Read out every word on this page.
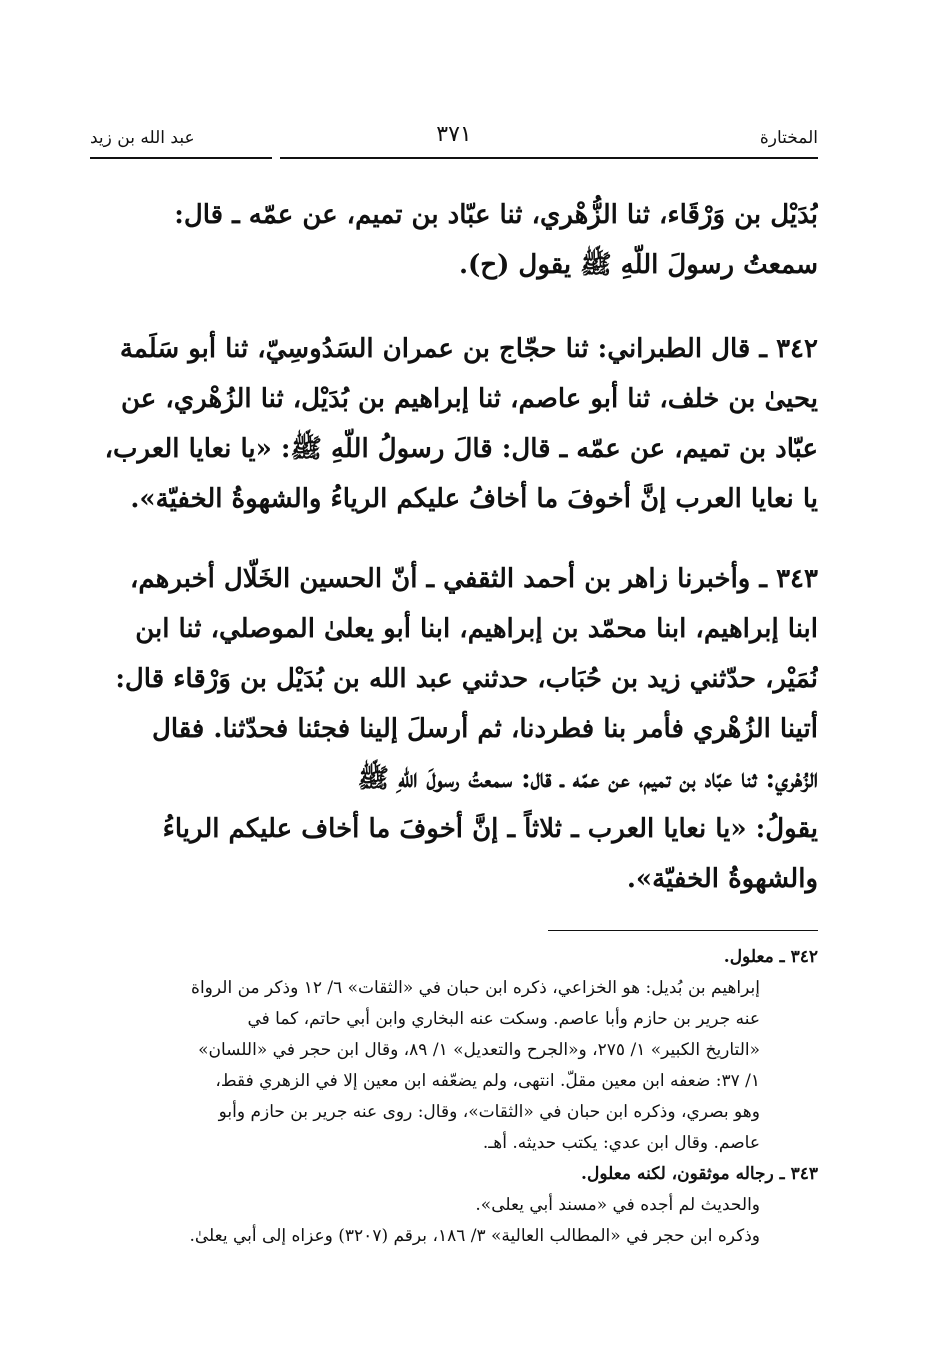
المختارة
٣٧١
عبد الله بن زيد
بُدَيْل بن وَرْقَاء، ثنا الزُّهْري، ثنا عبّاد بن تميم، عن عمّه ـ قال:
سمعتُ رسولَ اللّهِ ﷺ يقول (ح).
٣٤٢ ـ قال الطبراني: ثنا حجّاج بن عمران السَدُوسِيّ، ثنا أبو سَلَمة
يحيىٰ بن خلف، ثنا أبو عاصم، ثنا إبراهيم بن بُدَيْل، ثنا الزُهْري، عن
عبّاد بن تميم، عن عمّه ـ قال: قالَ رسولُ اللّهِ ﷺ: «يا نعايا العرب،
يا نعايا العرب إنَّ أخوفَ ما أخافُ عليكم الرياءُ والشهوةُ الخفيّة».
٣٤٣ ـ وأخبرنا زاهر بن أحمد الثقفي ـ أنّ الحسين الخَلّال أخبرهم،
ابنا إبراهيم، ابنا محمّد بن إبراهيم، ابنا أبو يعلىٰ الموصلي، ثنا ابن
نُمَيْر، حدّثني زيد بن حُبَاب، حدثني عبد الله بن بُدَيْل بن وَرْقاء قال:
أتينا الزُهْري فأمر بنا فطردنا، ثم أرسلَ إلينا فجئنا فحدّثنا. فقال
الزُهْري: ثنا عبّاد بن تميم، عن عمّه ـ قال: سمعتُ رسولَ اللّهِ ﷺ
يقولُ: «يا نعايا العرب ـ ثلاثاً ـ إنَّ أخوفَ ما أخاف عليكم الرياءُ
والشهوةُ الخفيّة».
٣٤٢ ـ معلول.
إبراهيم بن بُديل: هو الخزاعي، ذكره ابن حبان في «الثقات» ٦/ ١٢ وذكر من الرواة
عنه جرير بن حازم وأبا عاصم. وسكت عنه البخاري وابن أبي حاتم، كما في
«التاريخ الكبير» ١/ ٢٧٥، و«الجرح والتعديل» ١/ ٨٩، وقال ابن حجر في «اللسان»
١/ ٣٧: ضعفه ابن معين مقلّ. انتهى، ولم يضعّفه ابن معين إلا في الزهري فقط،
وهو بصري، وذكره ابن حبان في «الثقات»، وقال: روى عنه جرير بن حازم وأبو
عاصم. وقال ابن عدي: يكتب حديثه. أهـ.
٣٤٣ ـ رجاله موثقون، لكنه معلول.
والحديث لم أجده في «مسند أبي يعلى».
وذكره ابن حجر في «المطالب العالية» ٣/ ١٨٦، برقم (٣٢٠٧) وعزاه إلى أبي يعلىٰ.
